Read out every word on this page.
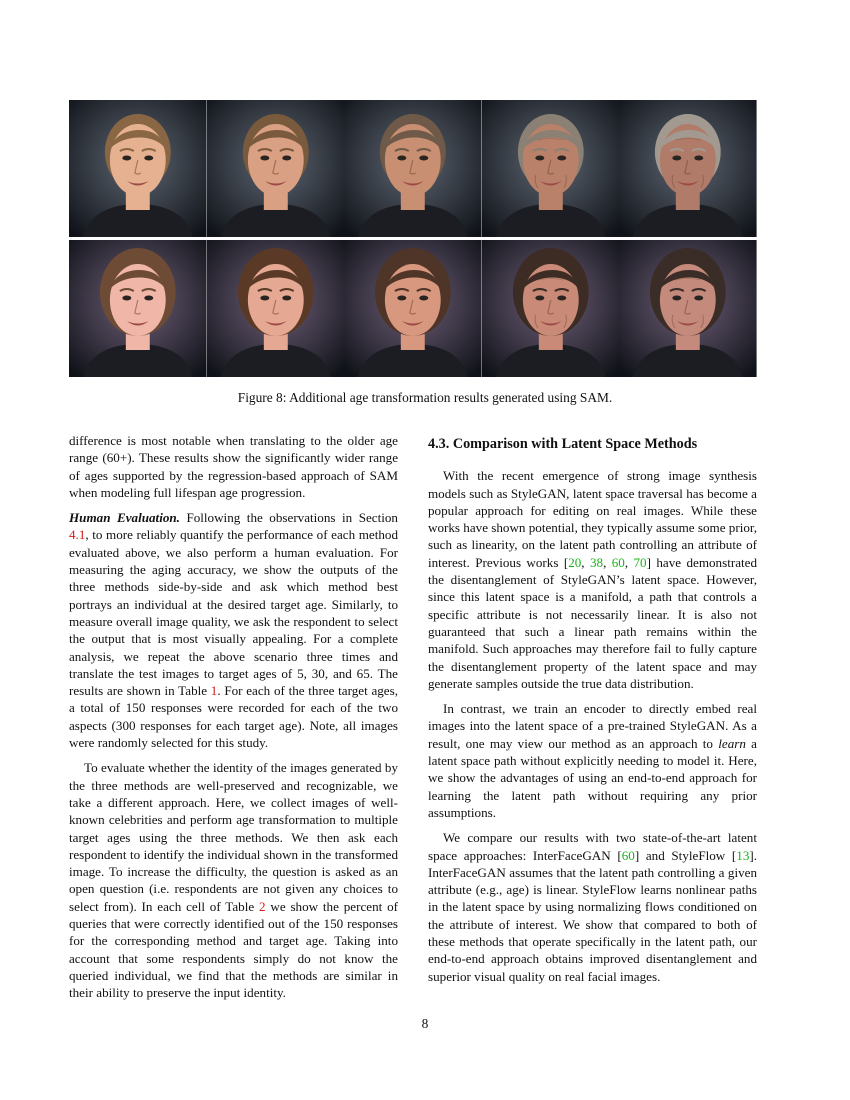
Figure 8: Additional age transformation results generated using SAM.

difference is most notable when translating to the older age range (60+). These results show the significantly wider range of ages supported by the regression-based approach of SAM when modeling full lifespan age progression.

Human Evaluation. Following the observations in Section 4.1, to more reliably quantify the performance of each method evaluated above, we also perform a human evaluation. For measuring the aging accuracy, we show the outputs of the three methods side-by-side and ask which method best portrays an individual at the desired target age. Similarly, to measure overall image quality, we ask the respondent to select the output that is most visually appealing. For a complete analysis, we repeat the above scenario three times and translate the test images to target ages of 5, 30, and 65. The results are shown in Table 1. For each of the three target ages, a total of 150 responses were recorded for each of the two aspects (300 responses for each target age). Note, all images were randomly selected for this study.

To evaluate whether the identity of the images generated by the three methods are well-preserved and recognizable, we take a different approach. Here, we collect images of well-known celebrities and perform age transformation to multiple target ages using the three methods. We then ask each respondent to identify the individual shown in the transformed image. To increase the difficulty, the question is asked as an open question (i.e. respondents are not given any choices to select from). In each cell of Table 2 we show the percent of queries that were correctly identified out of the 150 responses for the corresponding method and target age. Taking into account that some respondents simply do not know the queried individual, we find that the methods are similar in their ability to preserve the input identity.

4.3. Comparison with Latent Space Methods

With the recent emergence of strong image synthesis models such as StyleGAN, latent space traversal has become a popular approach for editing on real images. While these works have shown potential, they typically assume some prior, such as linearity, on the latent path controlling an attribute of interest. Previous works [20, 38, 60, 70] have demonstrated the disentanglement of StyleGAN’s latent space. However, since this latent space is a manifold, a path that controls a specific attribute is not necessarily linear. It is also not guaranteed that such a linear path remains within the manifold. Such approaches may therefore fail to fully capture the disentanglement property of the latent space and may generate samples outside the true data distribution.

In contrast, we train an encoder to directly embed real images into the latent space of a pre-trained StyleGAN. As a result, one may view our method as an approach to learn a latent space path without explicitly needing to model it. Here, we show the advantages of using an end-to-end approach for learning the latent path without requiring any prior assumptions.

We compare our results with two state-of-the-art latent space approaches: InterFaceGAN [60] and StyleFlow [13]. InterFaceGAN assumes that the latent path controlling a given attribute (e.g., age) is linear. StyleFlow learns nonlinear paths in the latent space by using normalizing flows conditioned on the attribute of interest. We show that compared to both of these methods that operate specifically in the latent path, our end-to-end approach obtains improved disentanglement and superior visual quality on real facial images.

8
